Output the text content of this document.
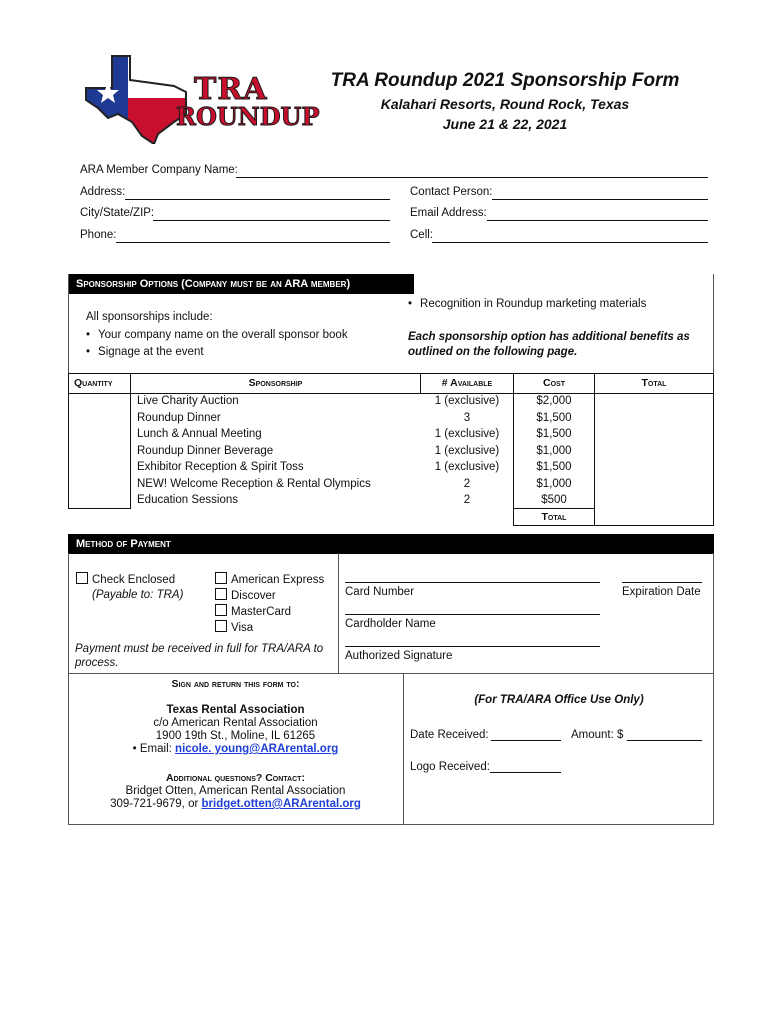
TRA
ROUNDUP
TRA Roundup 2021 Sponsorship Form
Kalahari Resorts, Round Rock, Texas
June 21 & 22, 2021
ARA Member Company Name:
Address:	Contact Person:
City/State/ZIP:	Email Address:
Phone:	Cell:
Sponsorship Options (Company must be an ARA member)
All sponsorships include:
• Your company name on the overall sponsor book
• Signage at the event
• Recognition in Roundup marketing materials
Each sponsorship option has additional benefits as outlined on the following page.
Quantity	Sponsorship	# Available	Cost	Total
Total
Live Charity Auction	1 (exclusive)	$2,000
Roundup Dinner	3	$1,500
Lunch & Annual Meeting	1 (exclusive)	$1,500
Roundup Dinner Beverage	1 (exclusive)	$1,000
Exhibitor Reception & Spirit Toss	1 (exclusive)	$1,500
NEW! Welcome Reception & Rental Olympics	2	$1,000
Education Sessions	2	$500
Method of Payment
Check Enclosed
(Payable to: TRA)
American Express
Discover
MasterCard
Visa
Payment must be received in full for TRA/ARA to process.
Card Number	Expiration Date
Cardholder Name
Authorized Signature
Sign and return this form to:
Texas Rental Association
c/o American Rental Association
1900 19th St., Moline, IL 61265
• Email: nicole. young@ARArental.org
Additional questions? Contact:
Bridget Otten, American Rental Association
309-721-9679, or bridget.otten@ARArental.org
(For TRA/ARA Office Use Only)
Date Received:	Amount: $
Logo Received:
